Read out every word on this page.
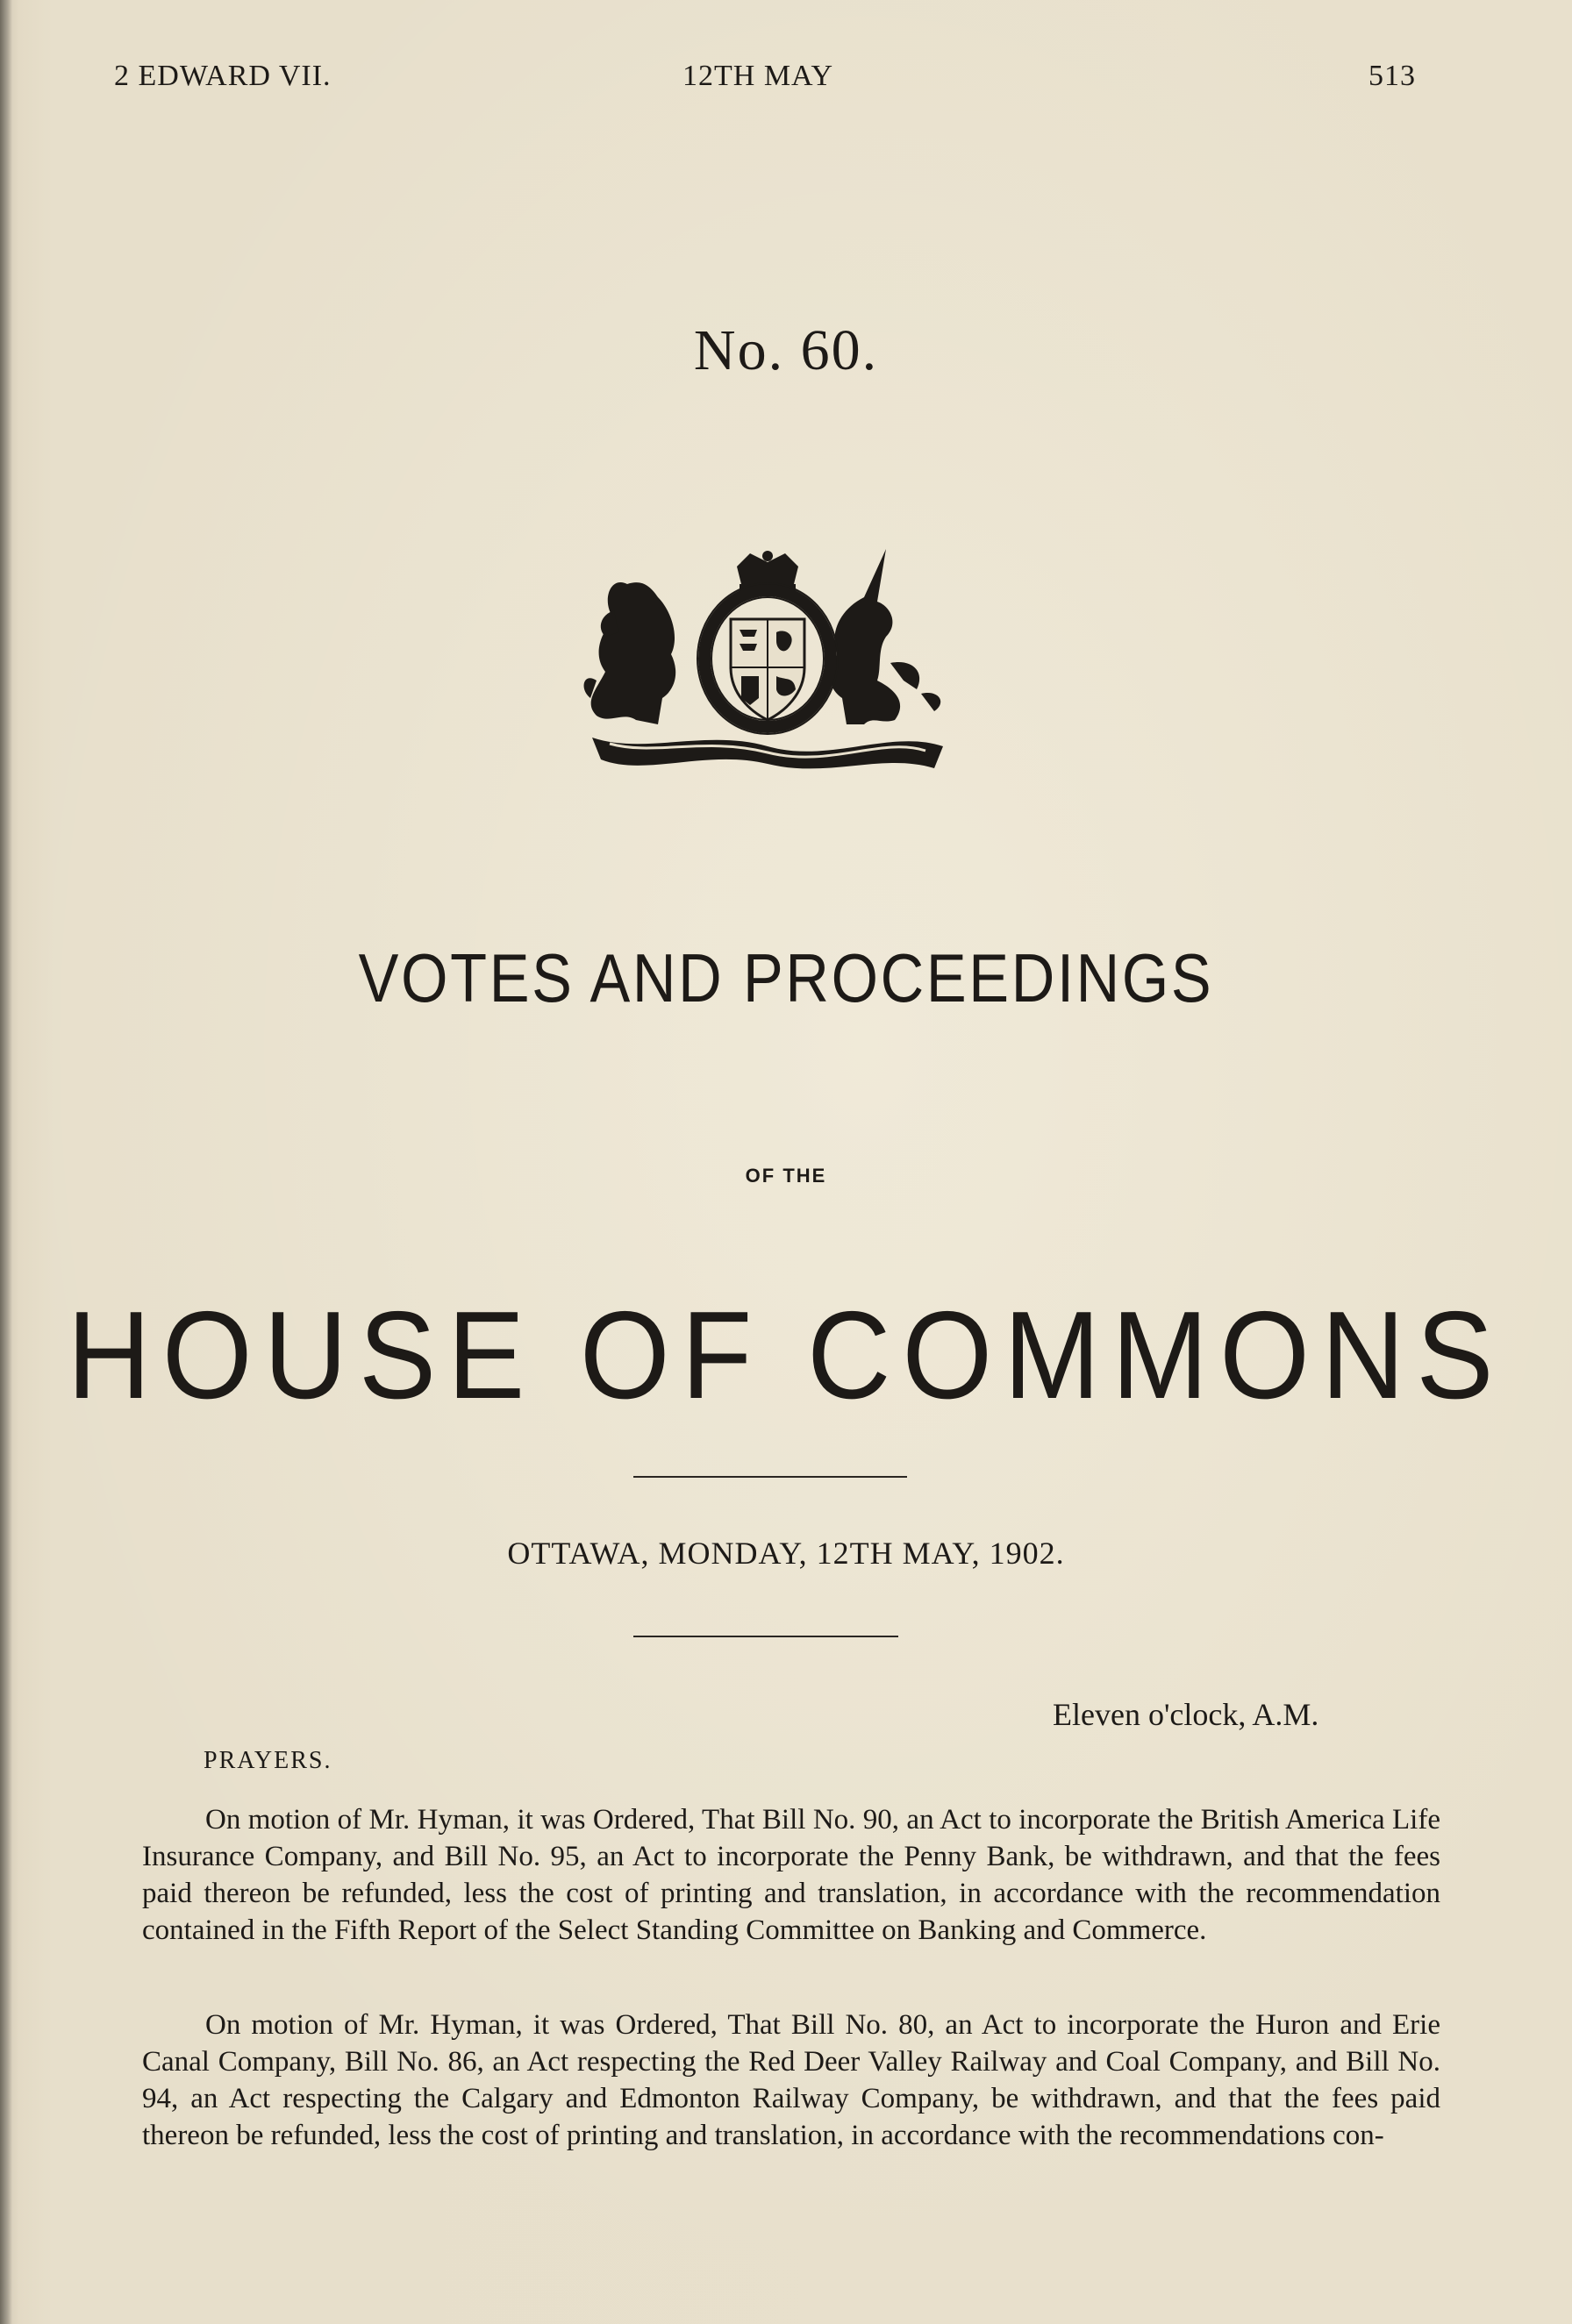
2 EDWARD VII.	12TH MAY	513
No. 60.
VOTES AND PROCEEDINGS
OF THE
HOUSE OF COMMONS
OTTAWA, MONDAY, 12TH MAY, 1902.
Eleven o'clock, A.M.
PRAYERS.

On motion of Mr. Hyman, it was Ordered, That Bill No. 90, an Act to incorporate the British America Life Insurance Company, and Bill No. 95, an Act to incorporate the Penny Bank, be withdrawn, and that the fees paid thereon be refunded, less the cost of printing and translation, in accordance with the recommendation contained in the Fifth Report of the Select Standing Committee on Banking and Commerce.

On motion of Mr. Hyman, it was Ordered, That Bill No. 80, an Act to incorporate the Huron and Erie Canal Company, Bill No. 86, an Act respecting the Red Deer Valley Railway and Coal Company, and Bill No. 94, an Act respecting the Calgary and Edmonton Railway Company, be withdrawn, and that the fees paid thereon be refunded, less the cost of printing and translation, in accordance with the recommendations con-
